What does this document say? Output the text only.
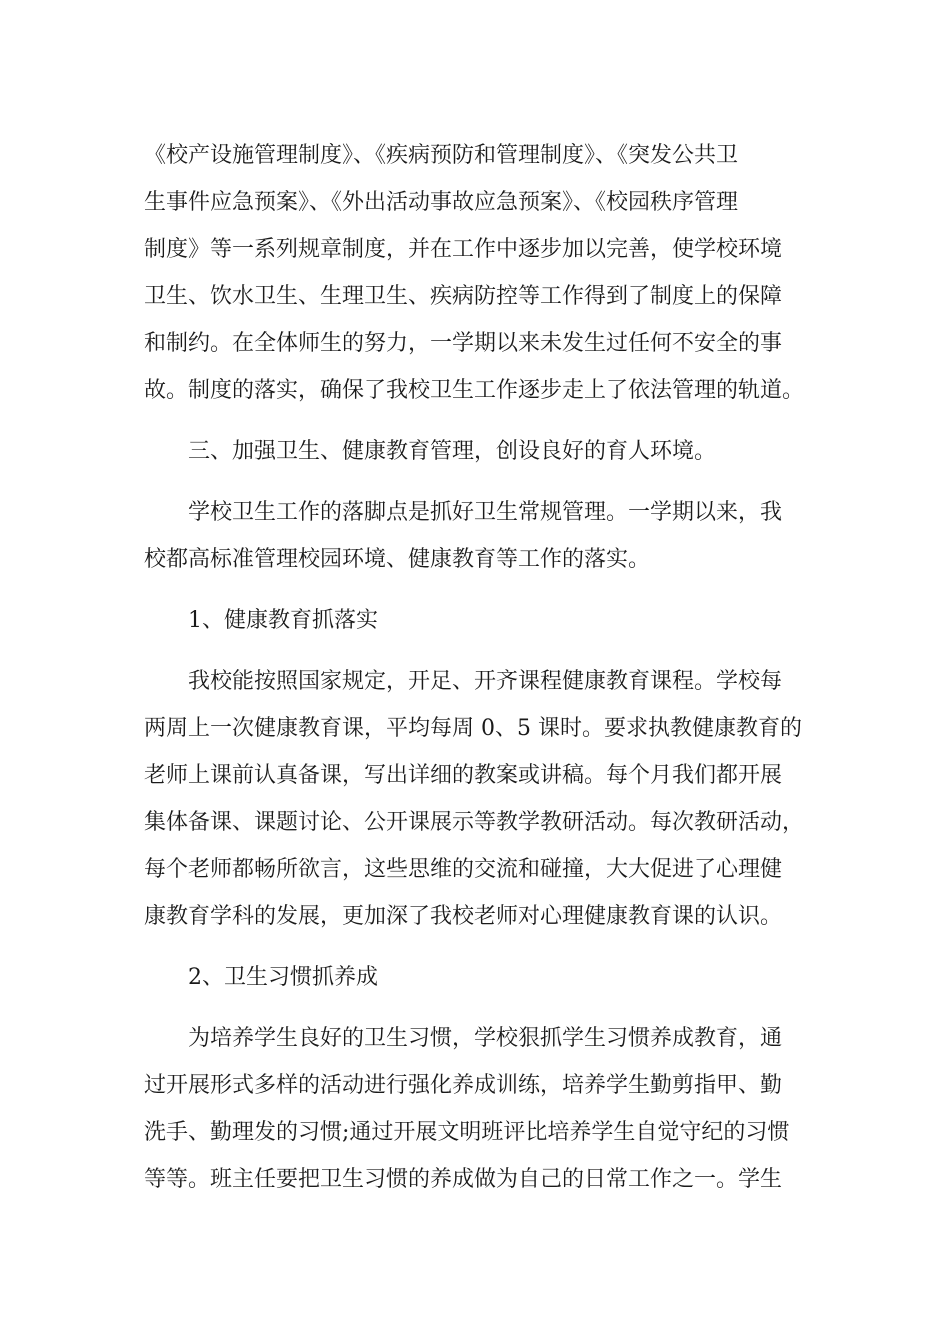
《校产设施管理制度》、《疾病预防和管理制度》、《突发公共卫
生事件应急预案》、《外出活动事故应急预案》、《校园秩序管理
制度》等一系列规章制度，并在工作中逐步加以完善，使学校环境
卫生、饮水卫生、生理卫生、疾病防控等工作得到了制度上的保障
和制约。在全体师生的努力，一学期以来未发生过任何不安全的事
故。制度的落实，确保了我校卫生工作逐步走上了依法管理的轨道。
三、加强卫生、健康教育管理，创设良好的育人环境。
学校卫生工作的落脚点是抓好卫生常规管理。一学期以来，我
校都高标准管理校园环境、健康教育等工作的落实。
1、健康教育抓落实
我校能按照国家规定，开足、开齐课程健康教育课程。学校每
两周上一次健康教育课，平均每周 0、5 课时。要求执教健康教育的
老师上课前认真备课，写出详细的教案或讲稿。每个月我们都开展
集体备课、课题讨论、公开课展示等教学教研活动。每次教研活动，
每个老师都畅所欲言，这些思维的交流和碰撞，大大促进了心理健
康教育学科的发展，更加深了我校老师对心理健康教育课的认识。
2、卫生习惯抓养成
为培养学生良好的卫生习惯，学校狠抓学生习惯养成教育，通
过开展形式多样的活动进行强化养成训练，培养学生勤剪指甲、勤
洗手、勤理发的习惯;通过开展文明班评比培养学生自觉守纪的习惯
等等。班主任要把卫生习惯的养成做为自己的日常工作之一。学生
